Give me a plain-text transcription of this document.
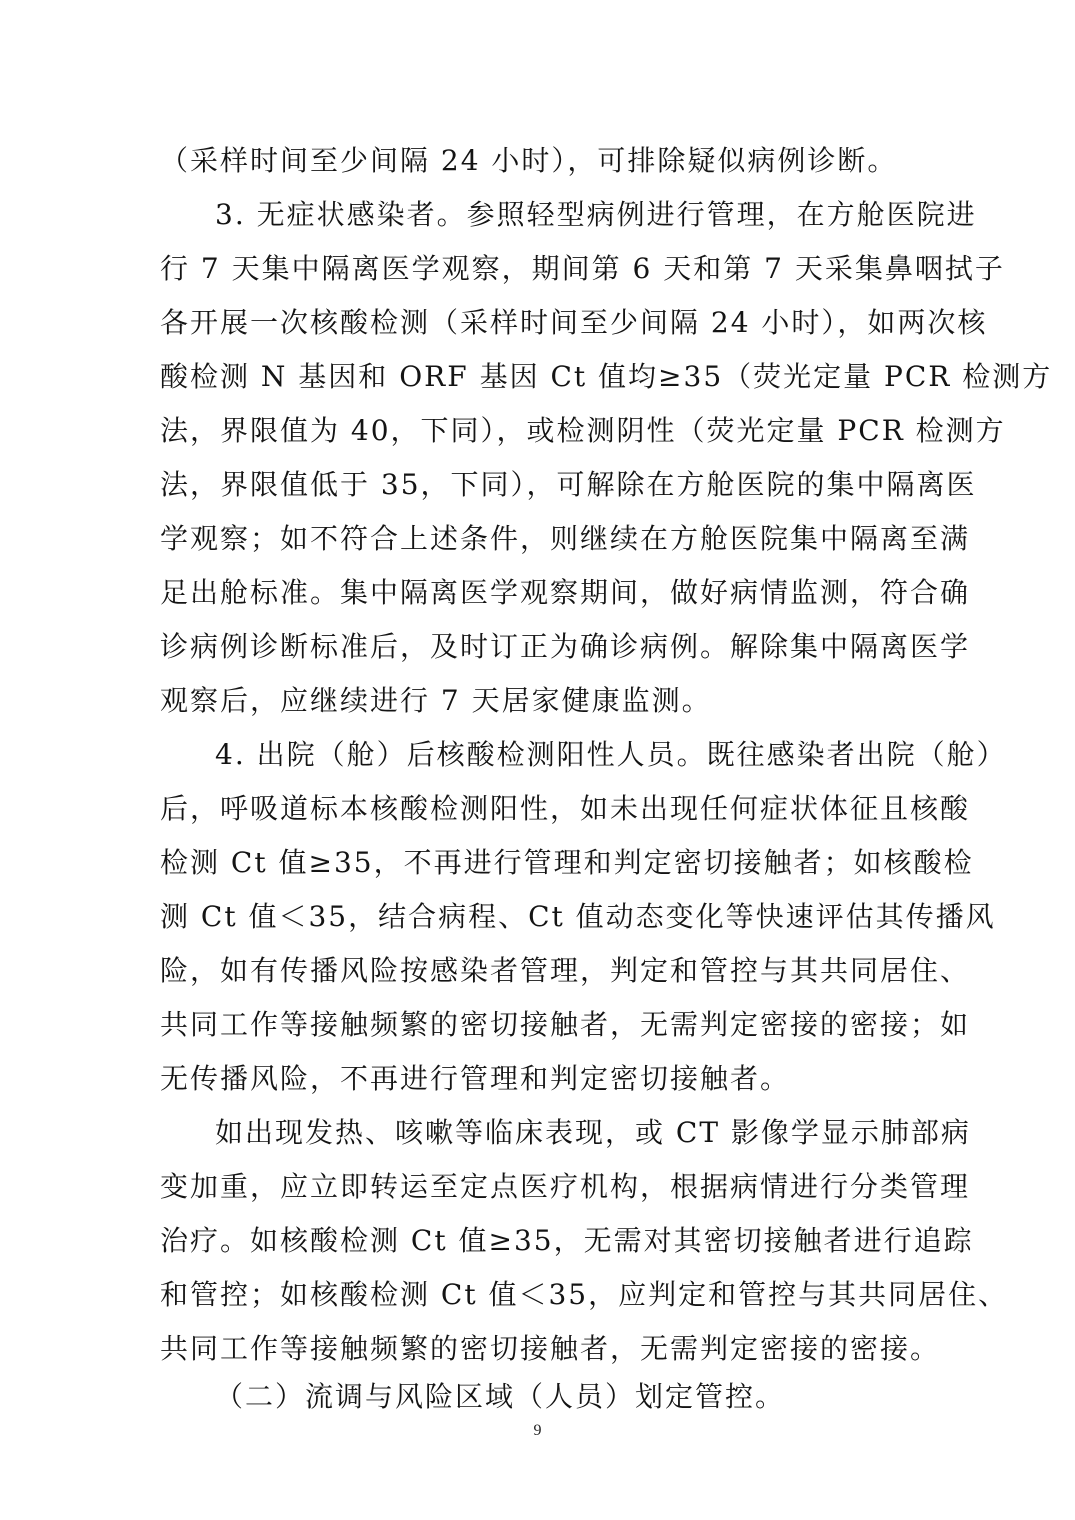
（采样时间至少间隔 24 小时），可排除疑似病例诊断。
3. 无症状感染者。参照轻型病例进行管理，在方舱医院进
行 7 天集中隔离医学观察，期间第 6 天和第 7 天采集鼻咽拭子
各开展一次核酸检测（采样时间至少间隔 24 小时），如两次核
酸检测 N 基因和 ORF 基因 Ct 值均≥35（荧光定量 PCR 检测方
法，界限值为 40，下同），或检测阴性（荧光定量 PCR 检测方
法，界限值低于 35，下同），可解除在方舱医院的集中隔离医
学观察；如不符合上述条件，则继续在方舱医院集中隔离至满
足出舱标准。集中隔离医学观察期间，做好病情监测，符合确
诊病例诊断标准后，及时订正为确诊病例。解除集中隔离医学
观察后，应继续进行 7 天居家健康监测。
4. 出院（舱）后核酸检测阳性人员。既往感染者出院（舱）
后，呼吸道标本核酸检测阳性，如未出现任何症状体征且核酸
检测 Ct 值≥35，不再进行管理和判定密切接触者；如核酸检
测 Ct 值＜35，结合病程、Ct 值动态变化等快速评估其传播风
险，如有传播风险按感染者管理，判定和管控与其共同居住、
共同工作等接触频繁的密切接触者，无需判定密接的密接；如
无传播风险，不再进行管理和判定密切接触者。
如出现发热、咳嗽等临床表现，或 CT 影像学显示肺部病
变加重，应立即转运至定点医疗机构，根据病情进行分类管理
治疗。如核酸检测 Ct 值≥35，无需对其密切接触者进行追踪
和管控；如核酸检测 Ct 值＜35，应判定和管控与其共同居住、
共同工作等接触频繁的密切接触者，无需判定密接的密接。
（二）流调与风险区域（人员）划定管控。
9
